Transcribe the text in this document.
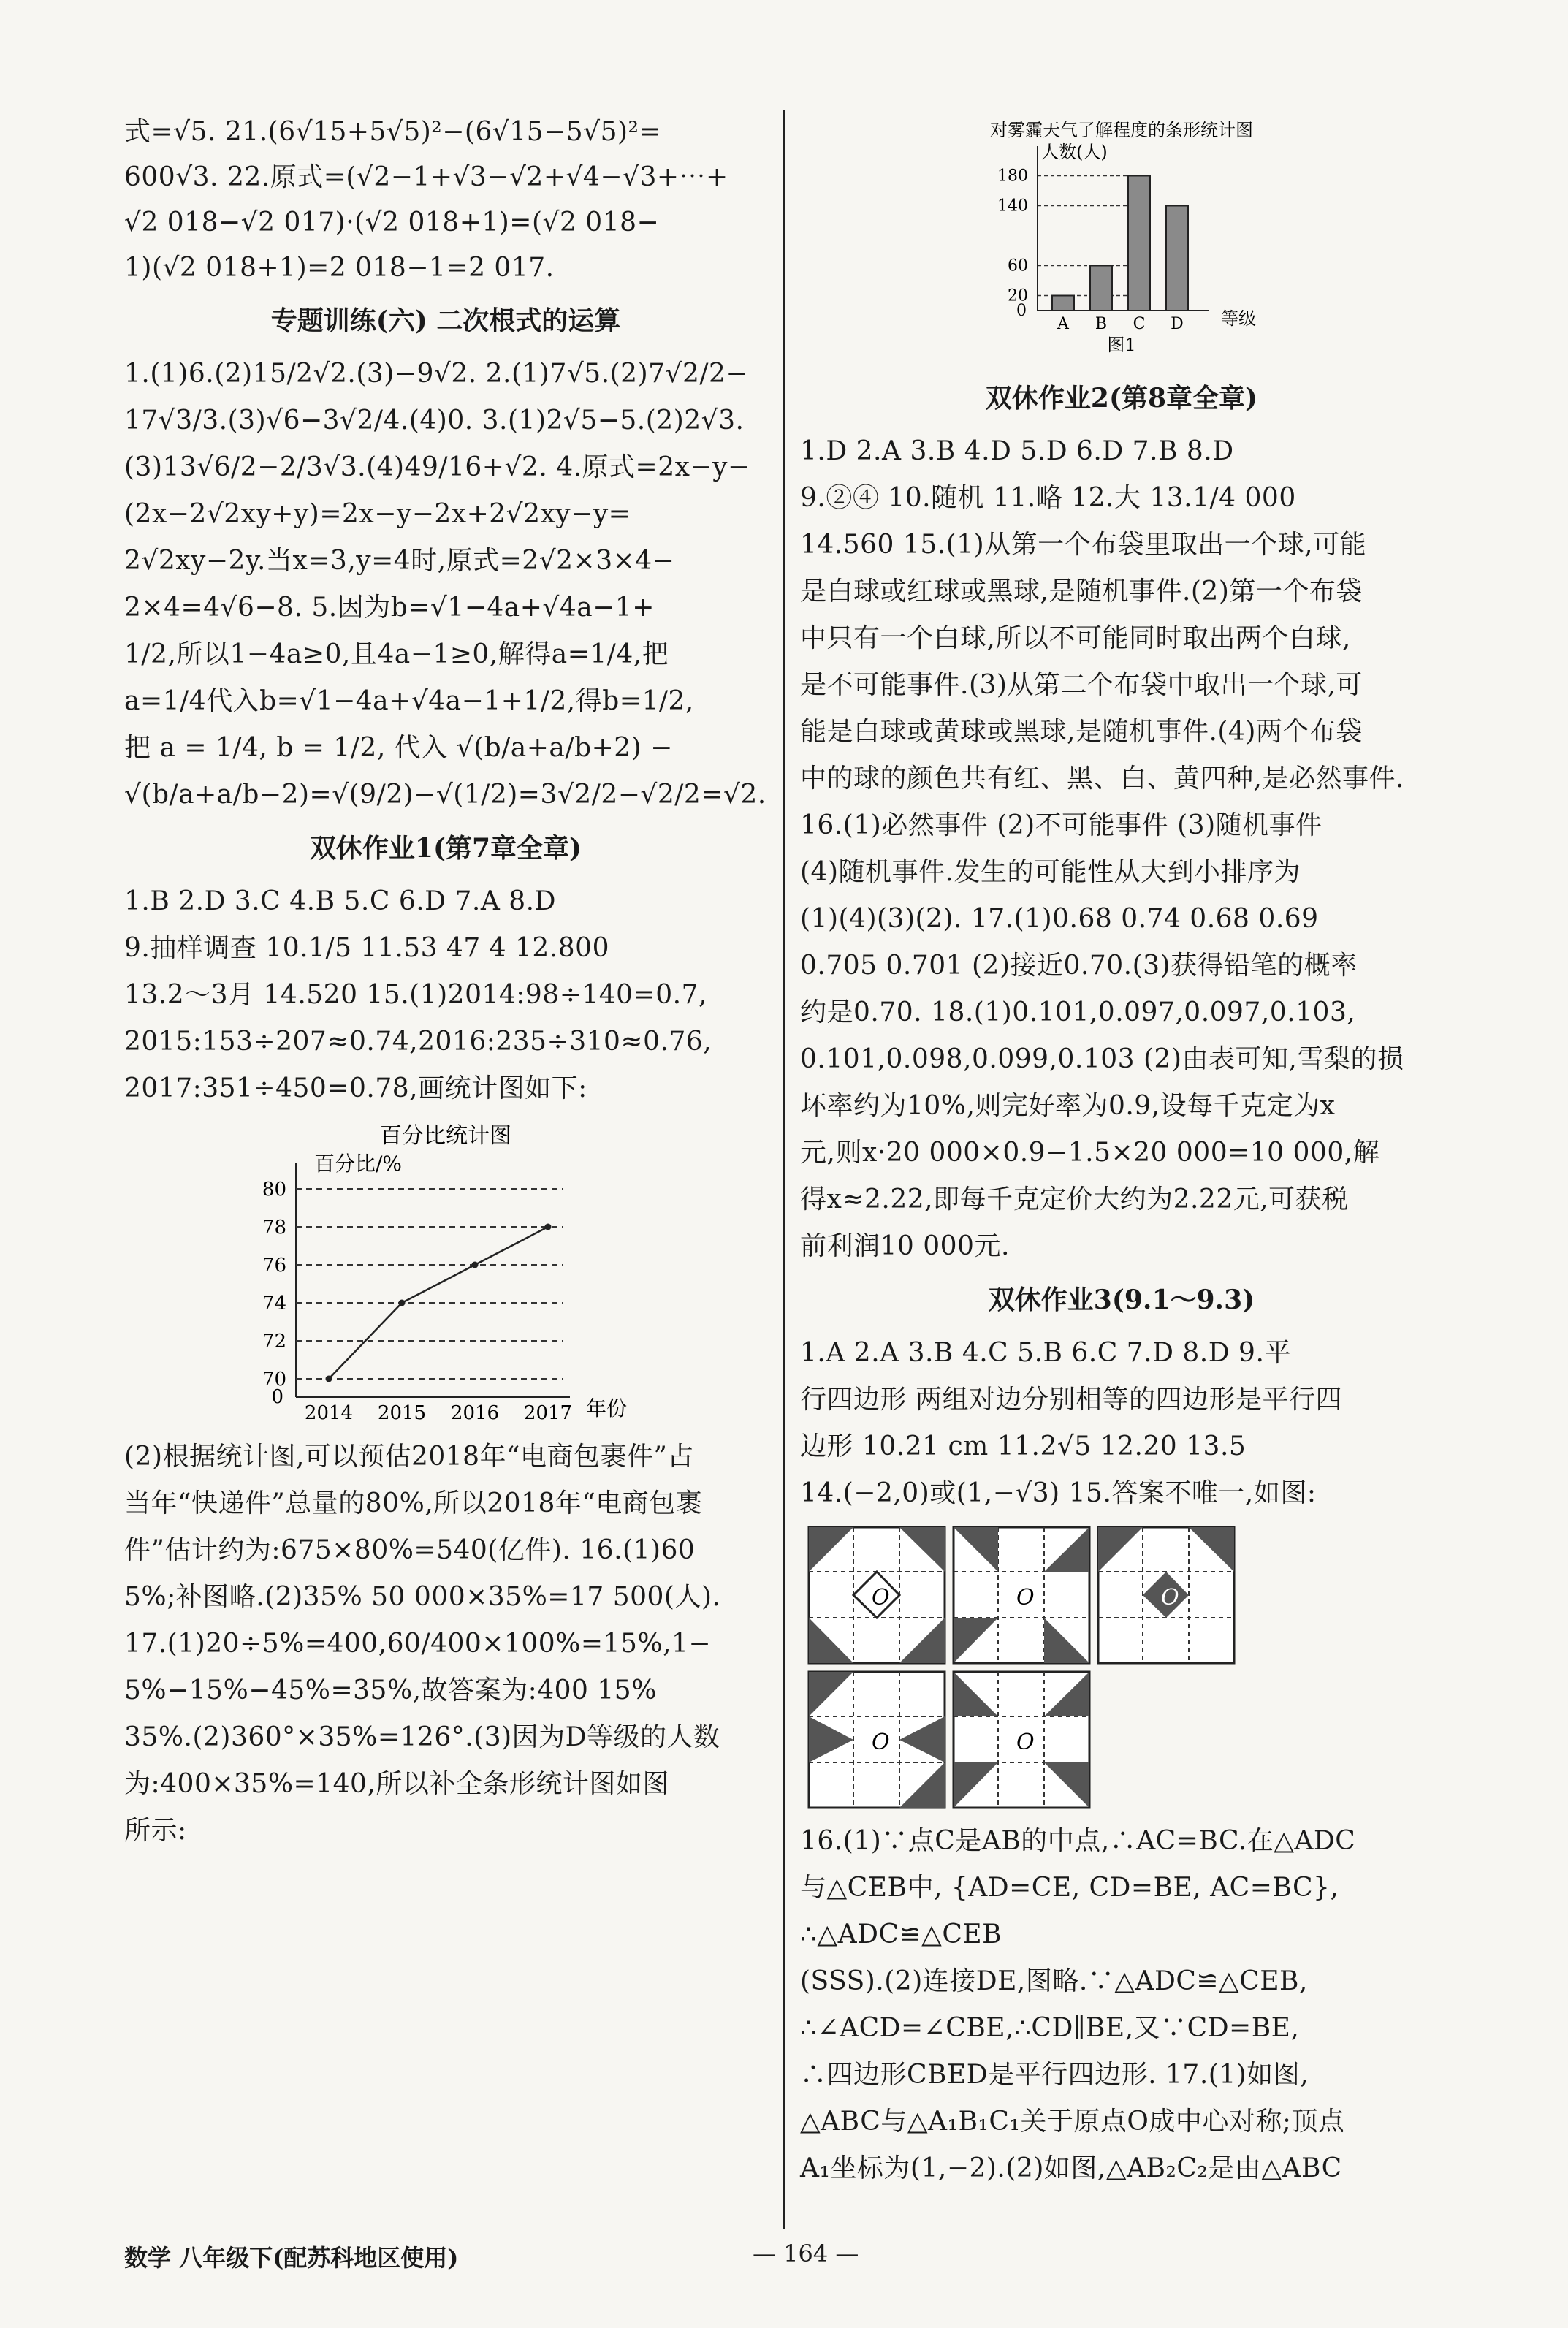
式=√5. 21.(6√15+5√5)²−(6√15−5√5)²=
600√3. 22.原式=(√2−1+√3−√2+√4−√3+⋯+
√2 018−√2 017)·(√2 018+1)=(√2 018−
1)(√2 018+1)=2 018−1=2 017.
专题训练(六) 二次根式的运算
1.(1)6.(2)15/2√2.(3)−9√2. 2.(1)7√5.(2)7√2/2−
17√3/3.(3)√6−3√2/4.(4)0. 3.(1)2√5−5.(2)2√3.
(3)13√6/2−2/3√3.(4)49/16+√2. 4.原式=2x−y−
(2x−2√2xy+y)=2x−y−2x+2√2xy−y=
2√2xy−2y.当x=3,y=4时,原式=2√2×3×4−
2×4=4√6−8. 5.因为b=√1−4a+√4a−1+
1/2,所以1−4a≥0,且4a−1≥0,解得a=1/4,把
a=1/4代入b=√1−4a+√4a−1+1/2,得b=1/2,
把 a = 1/4, b = 1/2, 代入 √(b/a+a/b+2) −
√(b/a+a/b−2)=√(9/2)−√(1/2)=3√2/2−√2/2=√2.
双休作业1(第7章全章)
1.B 2.D 3.C 4.B 5.C 6.D 7.A 8.D
9.抽样调查 10.1/5 11.53 47 4 12.800
13.2～3月 14.520 15.(1)2014:98÷140=0.7,
2015:153÷207≈0.74,2016:235÷310≈0.76,
2017:351÷450=0.78,画统计图如下:
百分比统计图
百分比/%
0	年份
70
72
74
76
78
80
2014 2015 2016 2017
(2)根据统计图,可以预估2018年“电商包裹件”占
当年“快递件”总量的80%,所以2018年“电商包裹
件”估计约为:675×80%=540(亿件). 16.(1)60
5%;补图略.(2)35% 50 000×35%=17 500(人).
17.(1)20÷5%=400,60/400×100%=15%,1−
5%−15%−45%=35%,故答案为:400 15%
35%.(2)360°×35%=126°.(3)因为D等级的人数
为:400×35%=140,所以补全条形统计图如图
所示:
对雾霾天气了解程度的条形统计图
人数(人)
0	等级
图1
20
60
140
180
A B C D
双休作业2(第8章全章)
1.D 2.A 3.B 4.D 5.D 6.D 7.B 8.D
9.②④ 10.随机 11.略 12.大 13.1/4 000
14.560 15.(1)从第一个布袋里取出一个球,可能
是白球或红球或黑球,是随机事件.(2)第一个布袋
中只有一个白球,所以不可能同时取出两个白球,
是不可能事件.(3)从第二个布袋中取出一个球,可
能是白球或黄球或黑球,是随机事件.(4)两个布袋
中的球的颜色共有红、黑、白、黄四种,是必然事件.
16.(1)必然事件 (2)不可能事件 (3)随机事件
(4)随机事件.发生的可能性从大到小排序为
(1)(4)(3)(2). 17.(1)0.68 0.74 0.68 0.69
0.705 0.701 (2)接近0.70.(3)获得铅笔的概率
约是0.70. 18.(1)0.101,0.097,0.097,0.103,
0.101,0.098,0.099,0.103 (2)由表可知,雪梨的损
坏率约为10%,则完好率为0.9,设每千克定为x
元,则x·20 000×0.9−1.5×20 000=10 000,解
得x≈2.22,即每千克定价大约为2.22元,可获税
前利润10 000元.
双休作业3(9.1～9.3)
1.A 2.A 3.B 4.C 5.B 6.C 7.D 8.D 9.平
行四边形 两组对边分别相等的四边形是平行四
边形 10.21 cm 11.2√5 12.20 13.5
14.(−2,0)或(1,−√3) 15.答案不唯一,如图:
O	O	O
O	O
16.(1)∵点C是AB的中点,∴AC=BC.在△ADC
与△CEB中, {AD=CE, CD=BE, AC=BC}, ∴△ADC≌△CEB
(SSS).(2)连接DE,图略.∵△ADC≌△CEB,
∴∠ACD=∠CBE,∴CD∥BE,又∵CD=BE,
∴四边形CBED是平行四边形. 17.(1)如图,
△ABC与△A₁B₁C₁关于原点O成中心对称;顶点
A₁坐标为(1,−2).(2)如图,△AB₂C₂是由△ABC
数学 八年级下(配苏科地区使用)	— 164 —
